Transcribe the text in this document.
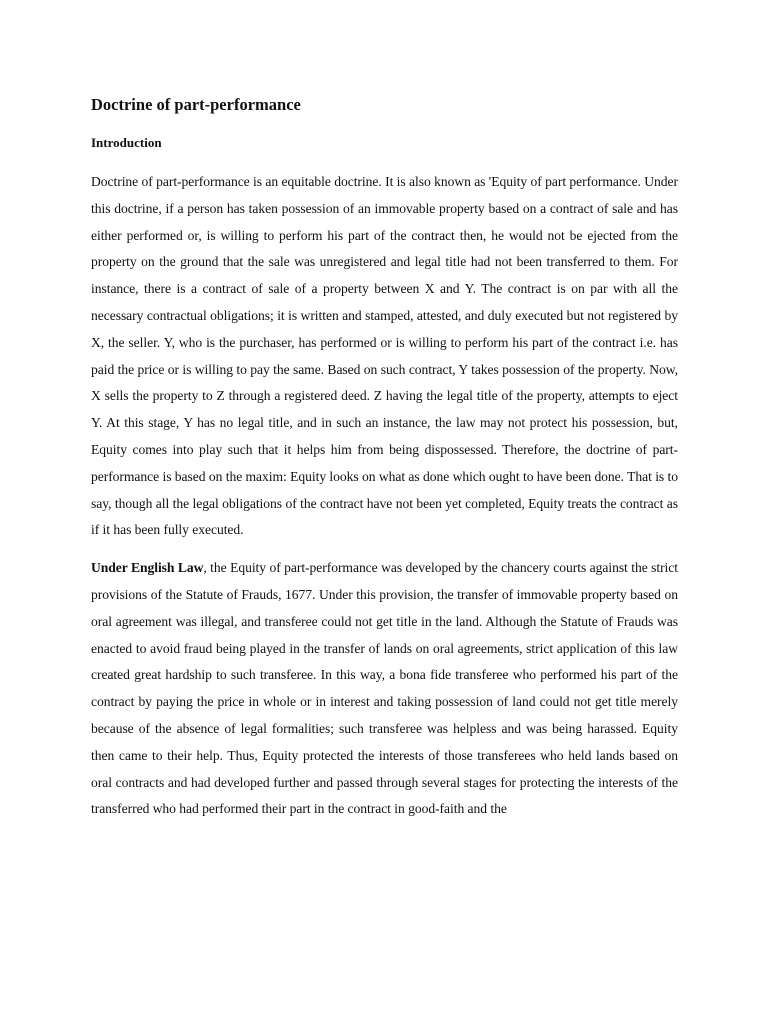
Doctrine of part-performance
Introduction

Doctrine of part-performance is an equitable doctrine. It is also known as 'Equity of part performance. Under this doctrine, if a person has taken possession of an immovable property based on a contract of sale and has either performed or, is willing to perform his part of the contract then, he would not be ejected from the property on the ground that the sale was unregistered and legal title had not been transferred to them. For instance, there is a contract of sale of a property between X and Y. The contract is on par with all the necessary contractual obligations; it is written and stamped, attested, and duly executed but not registered by X, the seller. Y, who is the purchaser, has performed or is willing to perform his part of the contract i.e. has paid the price or is willing to pay the same. Based on such contract, Y takes possession of the property. Now, X sells the property to Z through a registered deed. Z having the legal title of the property, attempts to eject Y. At this stage, Y has no legal title, and in such an instance, the law may not protect his possession, but, Equity comes into play such that it helps him from being dispossessed. Therefore, the doctrine of part-performance is based on the maxim: Equity looks on what as done which ought to have been done. That is to say, though all the legal obligations of the contract have not been yet completed, Equity treats the contract as if it has been fully executed.

Under English Law, the Equity of part-performance was developed by the chancery courts against the strict provisions of the Statute of Frauds, 1677. Under this provision, the transfer of immovable property based on oral agreement was illegal, and transferee could not get title in the land. Although the Statute of Frauds was enacted to avoid fraud being played in the transfer of lands on oral agreements, strict application of this law created great hardship to such transferee. In this way, a bona fide transferee who performed his part of the contract by paying the price in whole or in interest and taking possession of land could not get title merely because of the absence of legal formalities; such transferee was helpless and was being harassed. Equity then came to their help. Thus, Equity protected the interests of those transferees who held lands based on oral contracts and had developed further and passed through several stages for protecting the interests of the transferred who had performed their part in the contract in good-faith and the
